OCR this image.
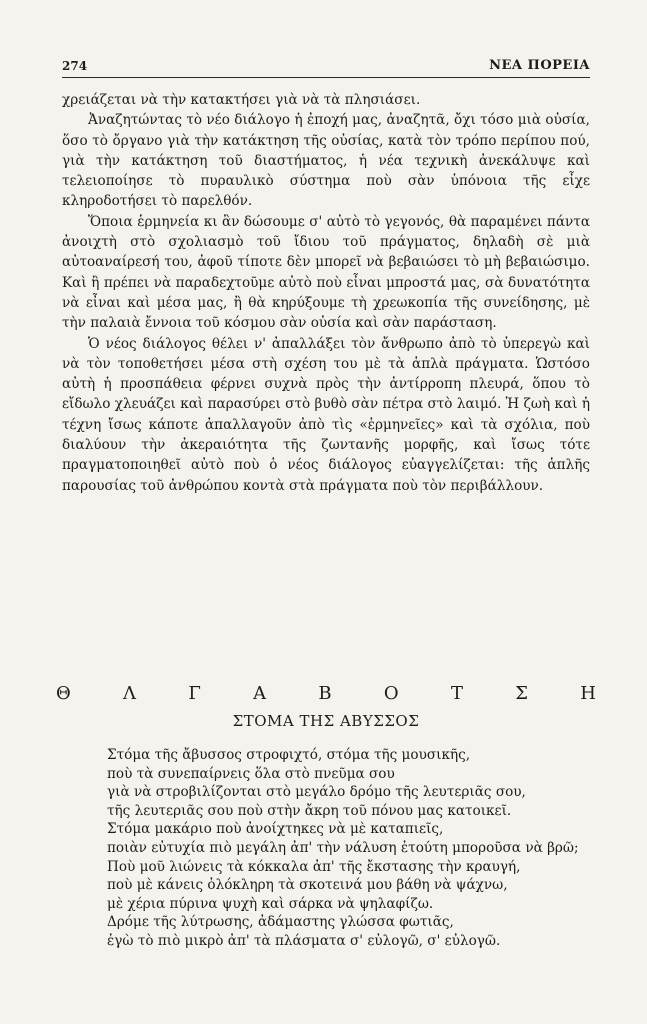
274	ΝΕΑ ΠΟΡΕΙΑ

χρειάζεται νὰ τὴν κατακτήσει γιὰ νὰ τὰ πλησιάσει.

Ἀναζητώντας τὸ νέο διάλογο ἡ ἐποχή μας, ἀναζητᾶ, ὄχι τόσο μιὰ οὐσία, ὅσο τὸ ὄργανο γιὰ τὴν κατάκτηση τῆς οὐσίας, κατὰ τὸν τρόπο περίπου πού, γιὰ τὴν κατάκτηση τοῦ διαστήματος, ἡ νέα τεχνικὴ ἀνεκάλυψε καὶ τελειοποίησε τὸ πυραυλικὸ σύστημα ποὺ σὰν ὑπόνοια τῆς εἶχε κληροδοτήσει τὸ παρελθόν.

Ὅποια ἑρμηνεία κι ἂν δώσουμε σ' αὐτὸ τὸ γεγονός, θὰ παραμένει πάντα ἀνοιχτὴ στὸ σχολιασμὸ τοῦ ἴδιου τοῦ πράγματος, δηλαδὴ σὲ μιὰ αὐτοαναίρεσή του, ἀφοῦ τίποτε δὲν μπορεῖ νὰ βεβαιώσει τὸ μὴ βεβαιώσιμο. Καὶ ἢ πρέπει νὰ παραδεχτοῦμε αὐτὸ ποὺ εἶναι μπροστά μας, σὰ δυνατότητα νὰ εἶναι καὶ μέσα μας, ἢ θὰ κηρύξουμε τὴ χρεωκοπία τῆς συνείδησης, μὲ τὴν παλαιὰ ἔννοια τοῦ κόσμου σὰν οὐσία καὶ σὰν παράσταση.

Ὁ νέος διάλογος θέλει ν' ἀπαλλάξει τὸν ἄνθρωπο ἀπὸ τὸ ὑπερεγὼ καὶ νὰ τὸν τοποθετήσει μέσα στὴ σχέση του μὲ τὰ ἁπλὰ πράγματα. Ὡστόσο αὐτὴ ἡ προσπάθεια φέρνει συχνὰ πρὸς τὴν ἀντίρροπη πλευρά, ὅπου τὸ εἴδωλο χλευάζει καὶ παρασύρει στὸ βυθὸ σὰν πέτρα στὸ λαιμό. Ἡ ζωὴ καὶ ἡ τέχνη ἴσως κάποτε ἀπαλλαγοῦν ἀπὸ τὶς «ἑρμηνεῖες» καὶ τὰ σχόλια, ποὺ διαλύουν τὴν ἀκεραιότητα τῆς ζωντανῆς μορφῆς, καὶ ἴσως τότε πραγματοποιηθεῖ αὐτὸ ποὺ ὁ νέος διάλογος εὐαγγελίζεται: τῆς ἁπλῆς παρουσίας τοῦ ἀνθρώπου κοντὰ στὰ πράγματα ποὺ τὸν περιβάλλουν.

Θ	Λ	Γ	Α	Β	Ο	Τ	Σ	Η
ΣΤΟΜΑ ΤΗΣ ΑΒΥΣΣΟΣ
Στόμα τῆς ἄβυσσος στροφιχτό, στόμα τῆς μουσικῆς,
ποὺ τὰ συνεπαίρνεις ὅλα στὸ πνεῦμα σου
γιὰ νὰ στροβιλίζονται στὸ μεγάλο δρόμο τῆς λευτεριᾶς σου,
τῆς λευτεριᾶς σου ποὺ στὴν ἄκρη τοῦ πόνου μας κατοικεῖ.
Στόμα μακάριο ποὺ ἀνοίχτηκες νὰ μὲ καταπιεῖς,
ποιὰν εὐτυχία πιὸ μεγάλη ἀπ' τὴν νάλυση ἐτούτη μποροῦσα νὰ βρῶ;
Ποὺ μοῦ λιώνεις τὰ κόκκαλα ἀπ' τῆς ἔκστασης τὴν κραυγή,
ποὺ μὲ κάνεις ὁλόκληρη τὰ σκοτεινά μου βάθη νὰ ψάχνω,
μὲ χέρια πύρινα ψυχὴ καὶ σάρκα νὰ ψηλαφίζω.
Δρόμε τῆς λύτρωσης, ἀδάμαστης γλώσσα φωτιᾶς,
ἐγὼ τὸ πιὸ μικρὸ ἀπ' τὰ πλάσματα σ' εὐλογῶ, σ' εὐλογῶ.
